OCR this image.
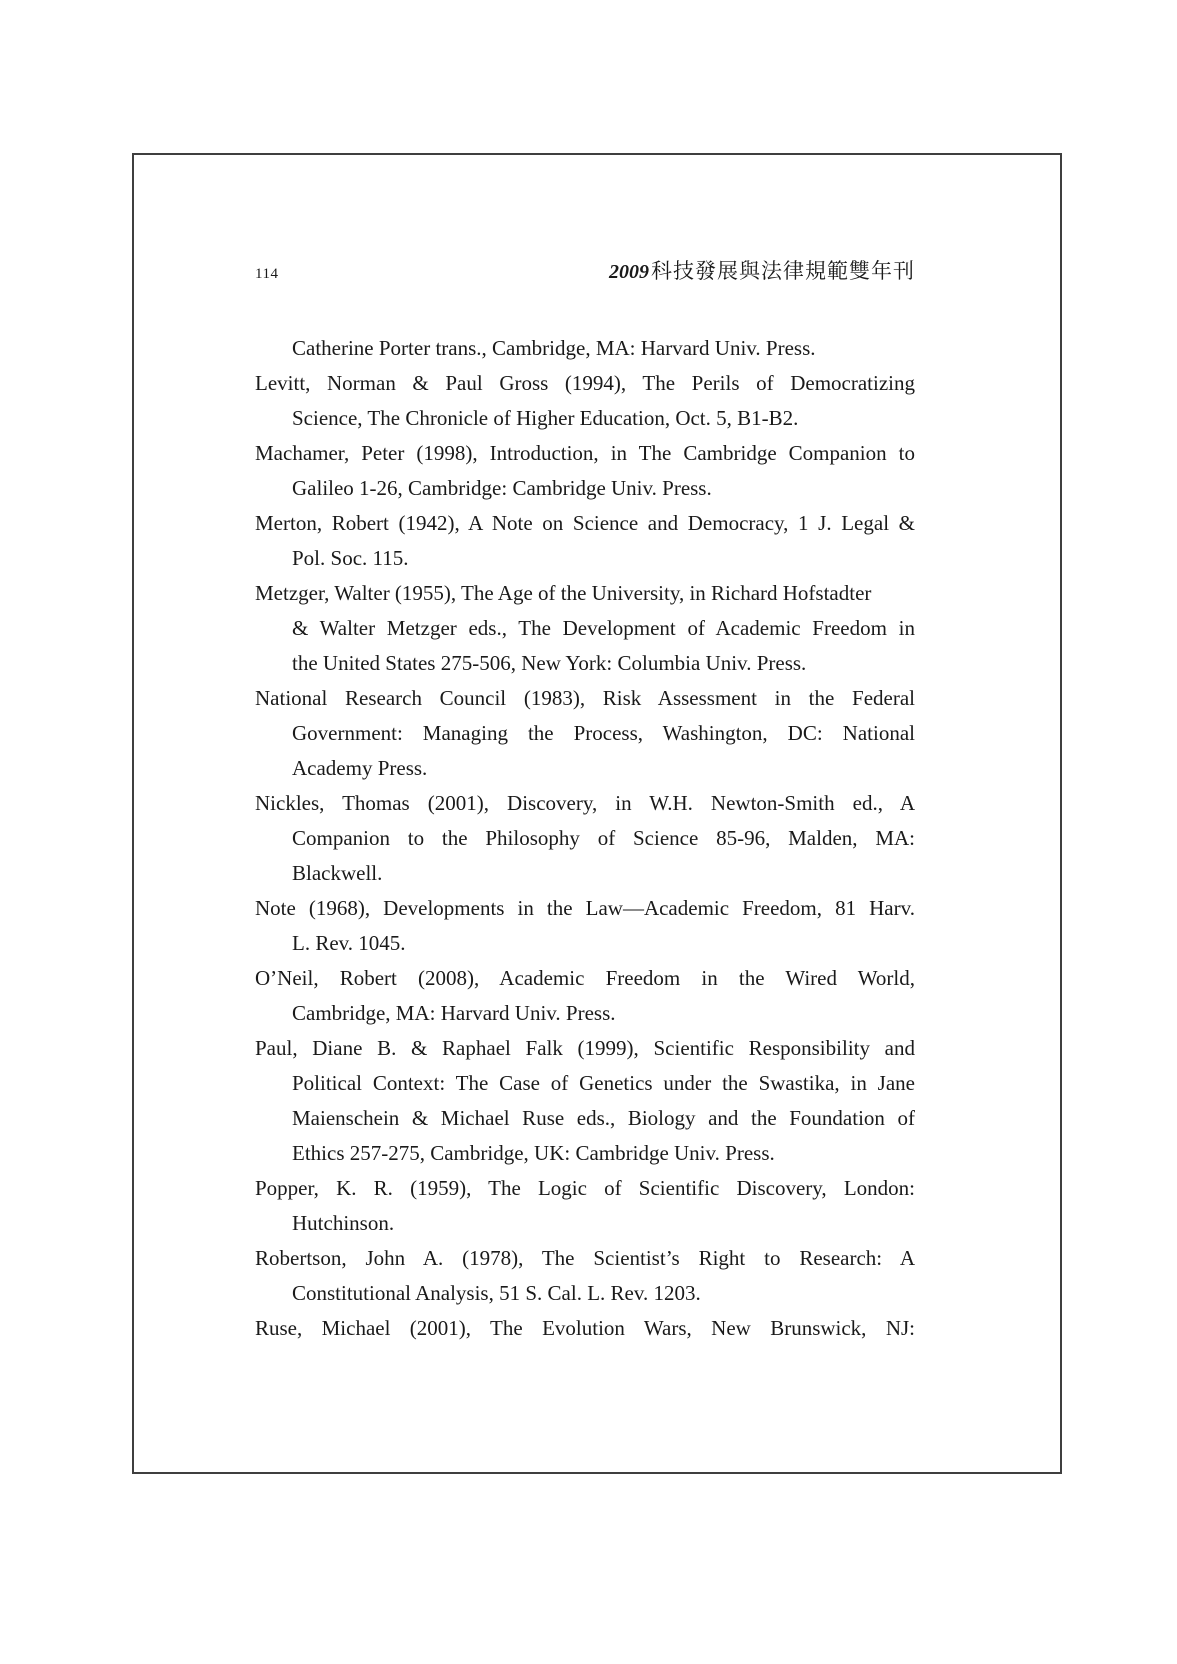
114	2009科技發展與法律規範雙年刊
Catherine Porter trans., Cambridge, MA: Harvard Univ. Press.
Levitt, Norman & Paul Gross (1994), The Perils of Democratizing
Science, The Chronicle of Higher Education, Oct. 5, B1-B2.
Machamer, Peter (1998), Introduction, in The Cambridge Companion to
Galileo 1-26, Cambridge: Cambridge Univ. Press.
Merton, Robert (1942), A Note on Science and Democracy, 1 J. Legal &
Pol. Soc. 115.
Metzger, Walter (1955), The Age of the University, in Richard Hofstadter
& Walter Metzger eds., The Development of Academic Freedom in
the United States 275-506, New York: Columbia Univ. Press.
National Research Council (1983), Risk Assessment in the Federal
Government: Managing the Process, Washington, DC: National
Academy Press.
Nickles, Thomas (2001), Discovery, in W.H. Newton-Smith ed., A
Companion to the Philosophy of Science 85-96, Malden, MA:
Blackwell.
Note (1968), Developments in the Law—Academic Freedom, 81 Harv.
L. Rev. 1045.
O’Neil, Robert (2008), Academic Freedom in the Wired World,
Cambridge, MA: Harvard Univ. Press.
Paul, Diane B. & Raphael Falk (1999), Scientific Responsibility and
Political Context: The Case of Genetics under the Swastika, in Jane
Maienschein & Michael Ruse eds., Biology and the Foundation of
Ethics 257-275, Cambridge, UK: Cambridge Univ. Press.
Popper, K. R. (1959), The Logic of Scientific Discovery, London:
Hutchinson.
Robertson, John A. (1978), The Scientist’s Right to Research: A
Constitutional Analysis, 51 S. Cal. L. Rev. 1203.
Ruse, Michael (2001), The Evolution Wars, New Brunswick, NJ:
